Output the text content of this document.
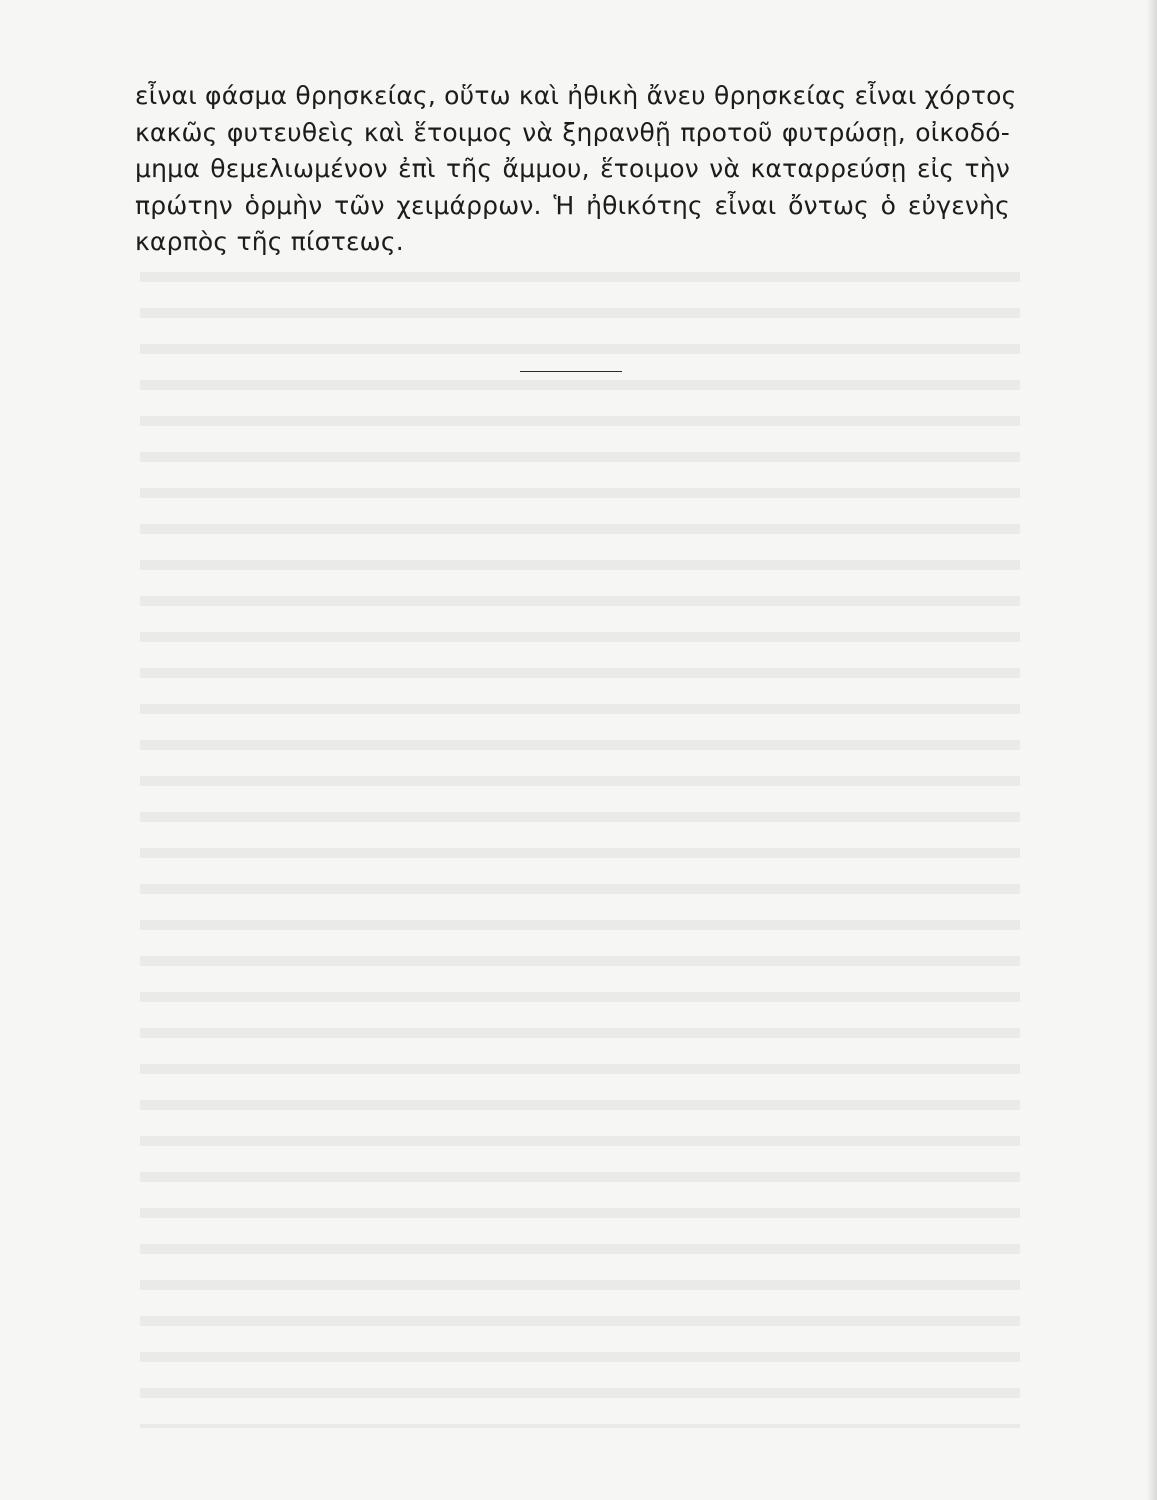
εἶναι φάσμα θρησκείας, οὕτω καὶ ἠθικὴ ἄνευ θρησκείας εἶναι χόρτος
κακῶς φυτευθεὶς καὶ ἕτοιμος νὰ ξηρανθῇ προτοῦ φυτρώσῃ, οἰκοδό-
μημα θεμελιωμένον ἐπὶ τῆς ἄμμου, ἕτοιμον νὰ καταρρεύσῃ εἰς τὴν
πρώτην ὁρμὴν τῶν χειμάρρων. Ἡ ἠθικότης εἶναι ὄντως ὁ εὐγενὴς
καρπὸς τῆς πίστεως.
